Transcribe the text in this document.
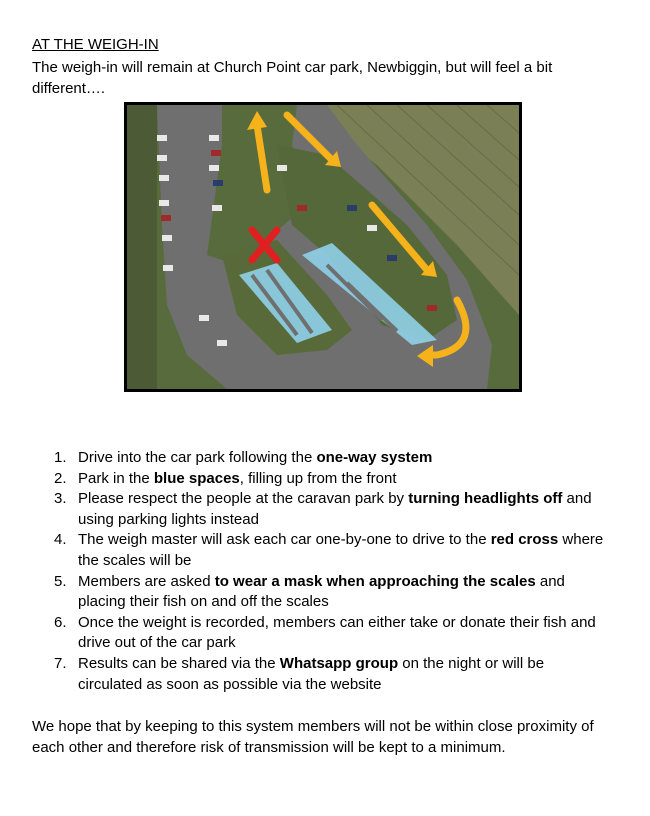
AT THE WEIGH-IN
The weigh-in will remain at Church Point car park, Newbiggin, but will feel a bit different….
1. Drive into the car park following the one-way system
2. Park in the blue spaces, filling up from the front
3. Please respect the people at the caravan park by turning headlights off and using parking lights instead
4. The weigh master will ask each car one-by-one to drive to the red cross where the scales will be
5. Members are asked to wear a mask when approaching the scales and placing their fish on and off the scales
6. Once the weight is recorded, members can either take or donate their fish and drive out of the car park
7. Results can be shared via the Whatsapp group on the night or will be circulated as soon as possible via the website
We hope that by keeping to this system members will not be within close proximity of each other and therefore risk of transmission will be kept to a minimum.
